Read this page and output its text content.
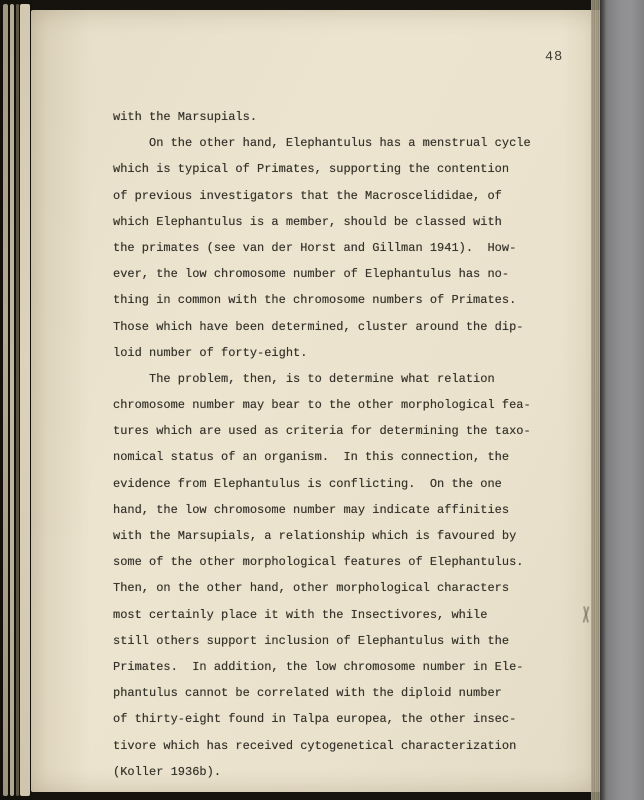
48
with the Marsupials.
On the other hand, Elephantulus has a menstrual cycle
which is typical of Primates, supporting the contention
of previous investigators that the Macroscelididae, of
which Elephantulus is a member, should be classed with
the primates (see van der Horst and Gillman 1941).  How-
ever, the low chromosome number of Elephantulus has no-
thing in common with the chromosome numbers of Primates.
Those which have been determined, cluster around the dip-
loid number of forty-eight.
The problem, then, is to determine what relation
chromosome number may bear to the other morphological fea-
tures which are used as criteria for determining the taxo-
nomical status of an organism.  In this connection, the
evidence from Elephantulus is conflicting.  On the one
hand, the low chromosome number may indicate affinities
with the Marsupials, a relationship which is favoured by
some of the other morphological features of Elephantulus.
Then, on the other hand, other morphological characters
most certainly place it with the Insectivores, while
still others support inclusion of Elephantulus with the
Primates.  In addition, the low chromosome number in Ele-
phantulus cannot be correlated with the diploid number
of thirty-eight found in Talpa europea, the other insec-
tivore which has received cytogenetical characterization
(Koller 1936b).
